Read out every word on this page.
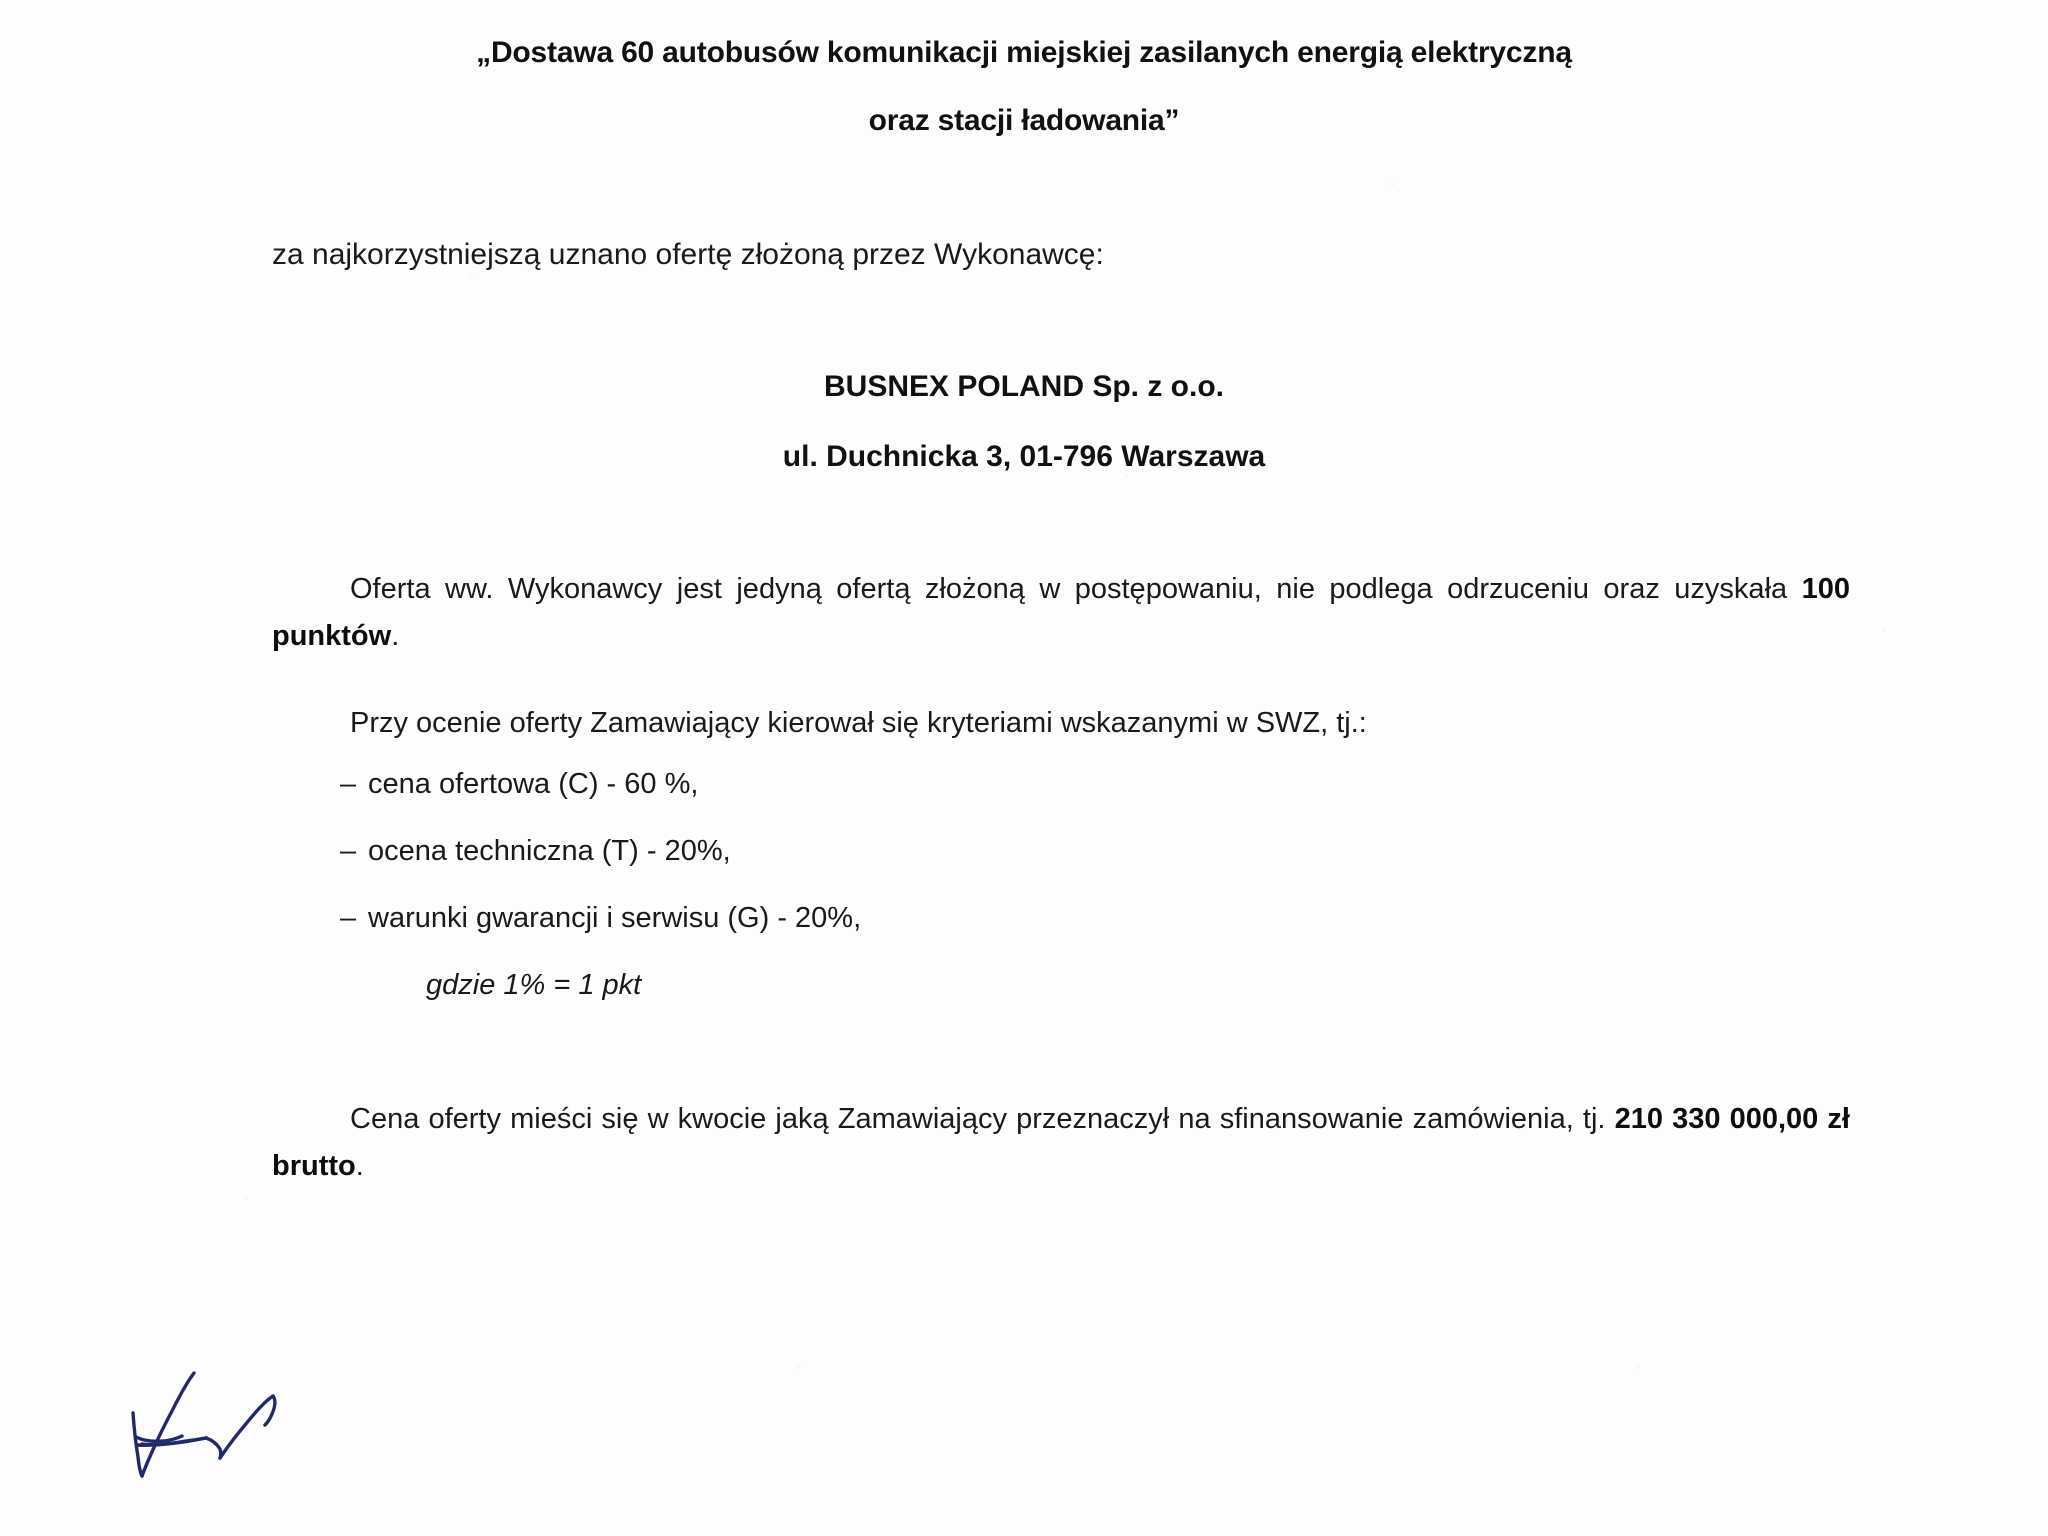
„Dostawa 60 autobusów komunikacji miejskiej zasilanych energią elektryczną
oraz stacji ładowania”
za najkorzystniejszą uznano ofertę złożoną przez Wykonawcę:
BUSNEX POLAND Sp. z o.o.
ul. Duchnicka 3, 01-796 Warszawa
Oferta ww. Wykonawcy jest jedyną ofertą złożoną w postępowaniu, nie podlega odrzuceniu oraz uzyskała 100 punktów.
Przy ocenie oferty Zamawiający kierował się kryteriami wskazanymi w SWZ, tj.:
– cena ofertowa (C) - 60 %,
– ocena techniczna (T) - 20%,
– warunki gwarancji i serwisu (G) - 20%,
gdzie 1% = 1 pkt
Cena oferty mieści się w kwocie jaką Zamawiający przeznaczył na sfinansowanie zamówienia, tj. 210 330 000,00 zł brutto.
